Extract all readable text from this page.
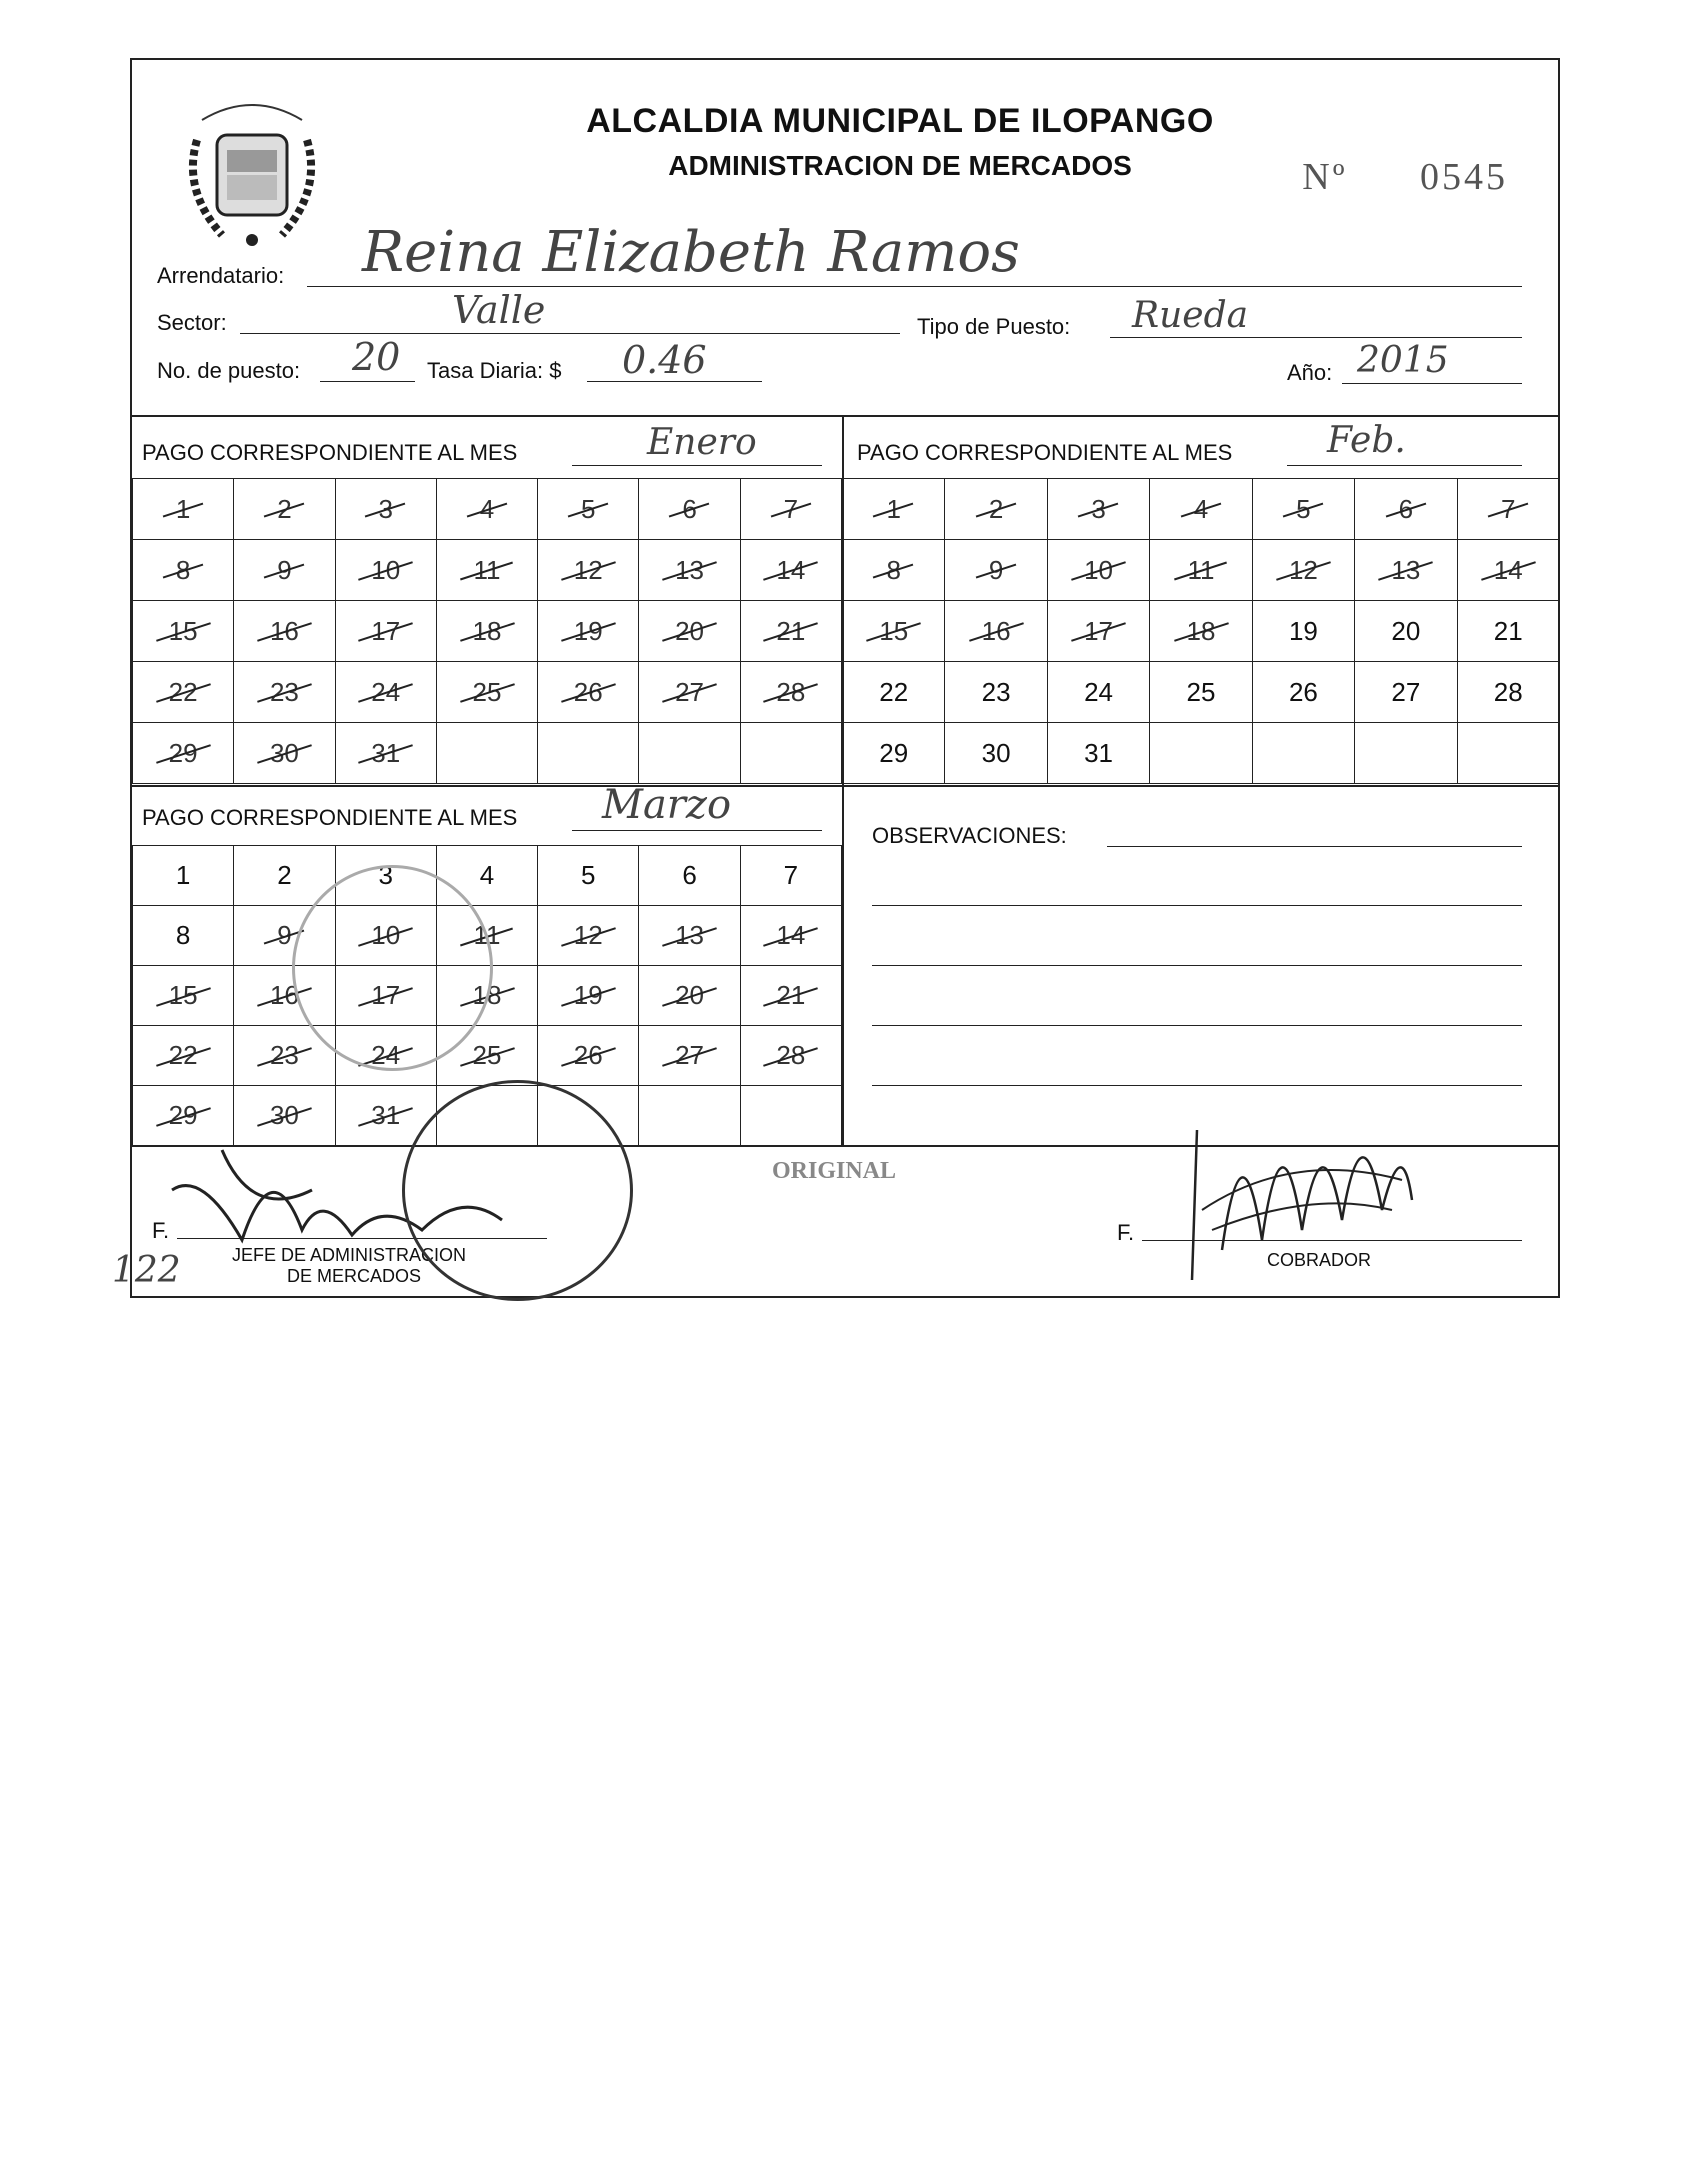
ALCALDIA MUNICIPAL DE ILOPANGO
ADMINISTRACION DE MERCADOS	Nº 0545
Arrendatario: Reina Elizabeth Ramos
Sector:	Valle	Tipo de Puesto: Rueda
No. de puesto: 20 Tasa Diaria: $ 0.46	Año: 2015
PAGO CORRESPONDIENTE AL MES	Enero
1	2	3	4	5	6	7
8	9	10	11	12	13	14
15	16	17	18	19	20	21
22	23	24	25	26	27	28
29	30	31				
PAGO CORRESPONDIENTE AL MES	Feb.
1	2	3	4	5	6	7
8	9	10	11	12	13	14
15	16	17	18	19	20	21
22	23	24	25	26	27	28
29	30	31				
PAGO CORRESPONDIENTE AL MES Marzo
1	2	3	4	5	6	7
8	9	10	11	12	13	14
15	16	17	18	19	20	21
22	23	24	25	26	27	28
29	30	31				
OBSERVACIONES:
ORIGINAL
F.
JEFE DE ADMINISTRACION
DE MERCADOS
122
F.
COBRADOR
